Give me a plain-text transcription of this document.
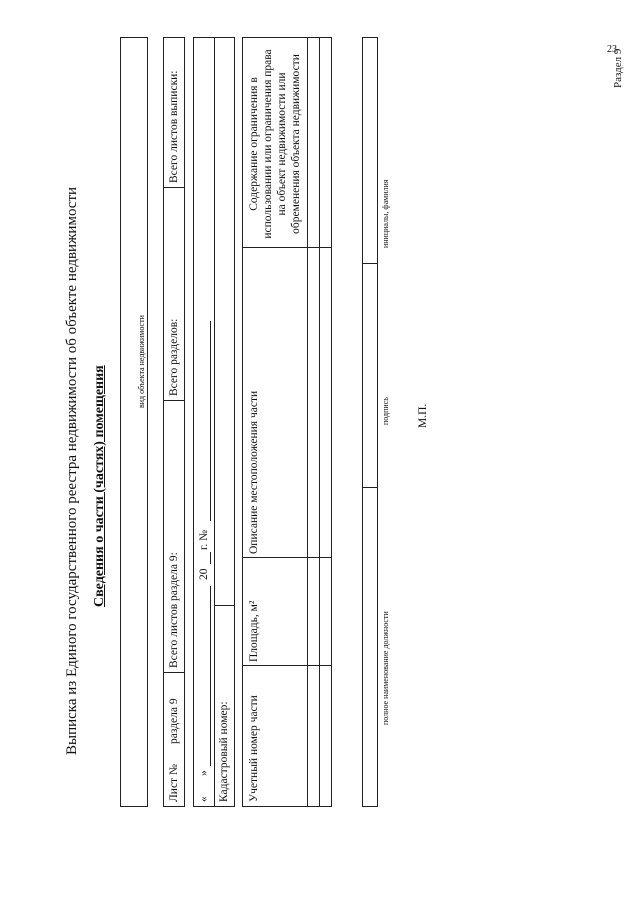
23
Раздел 9
Выписка из Единого государственного реестра недвижимости об объекте недвижимости Сведения о части (частях) помещения
вид объекта недвижимости
Лист №
раздела 9
Всего листов раздела 9:
Всего разделов:
Всего листов выписки:
«
»
20
г. №
Кадастровый номер: Учетный номер части
Площадь, м²
Описание местоположения части
Содержание ограничения в использовании или ограничения права на объект недвижимости или обременения объекта недвижимости
полное наименование должности
подпись
инициалы, фамилия
М.П.
